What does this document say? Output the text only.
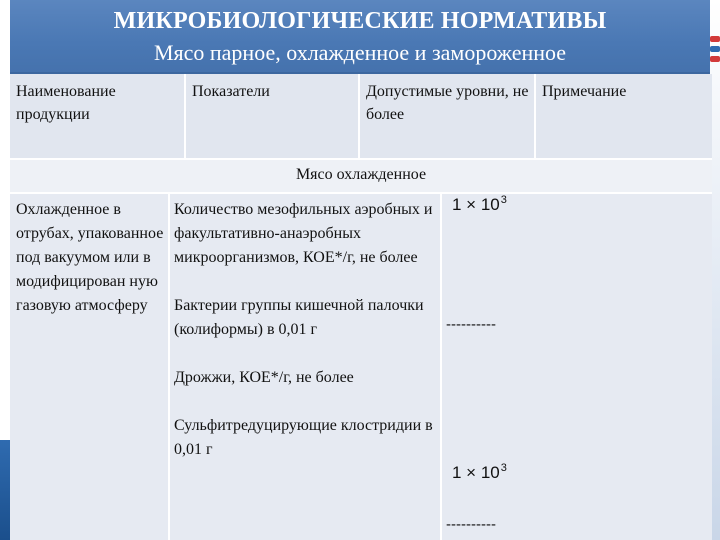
МИКРОБИОЛОГИЧЕСКИЕ НОРМАТИВЫ
Мясо парное, охлажденное и замороженное
Наименование продукции
Показатели	Допустимые уровни, не более
Примечание
Мясо охлажденное
Охлажденное в отрубах, упакованное под вакуумом или в модифицирован ную газовую атмосферу

Количество мезофильных аэробных и факультативно-анаэробных микроорганизмов, КОЕ*/г, не более

Бактерии группы кишечной палочки (колиформы) в 0,01 г

Дрожжи, КОЕ*/г, не более

Сульфитредуцирующие клостридии в 0,01 г

$1 \times 10^3$
----------
$1 \times 10^3$
----------
